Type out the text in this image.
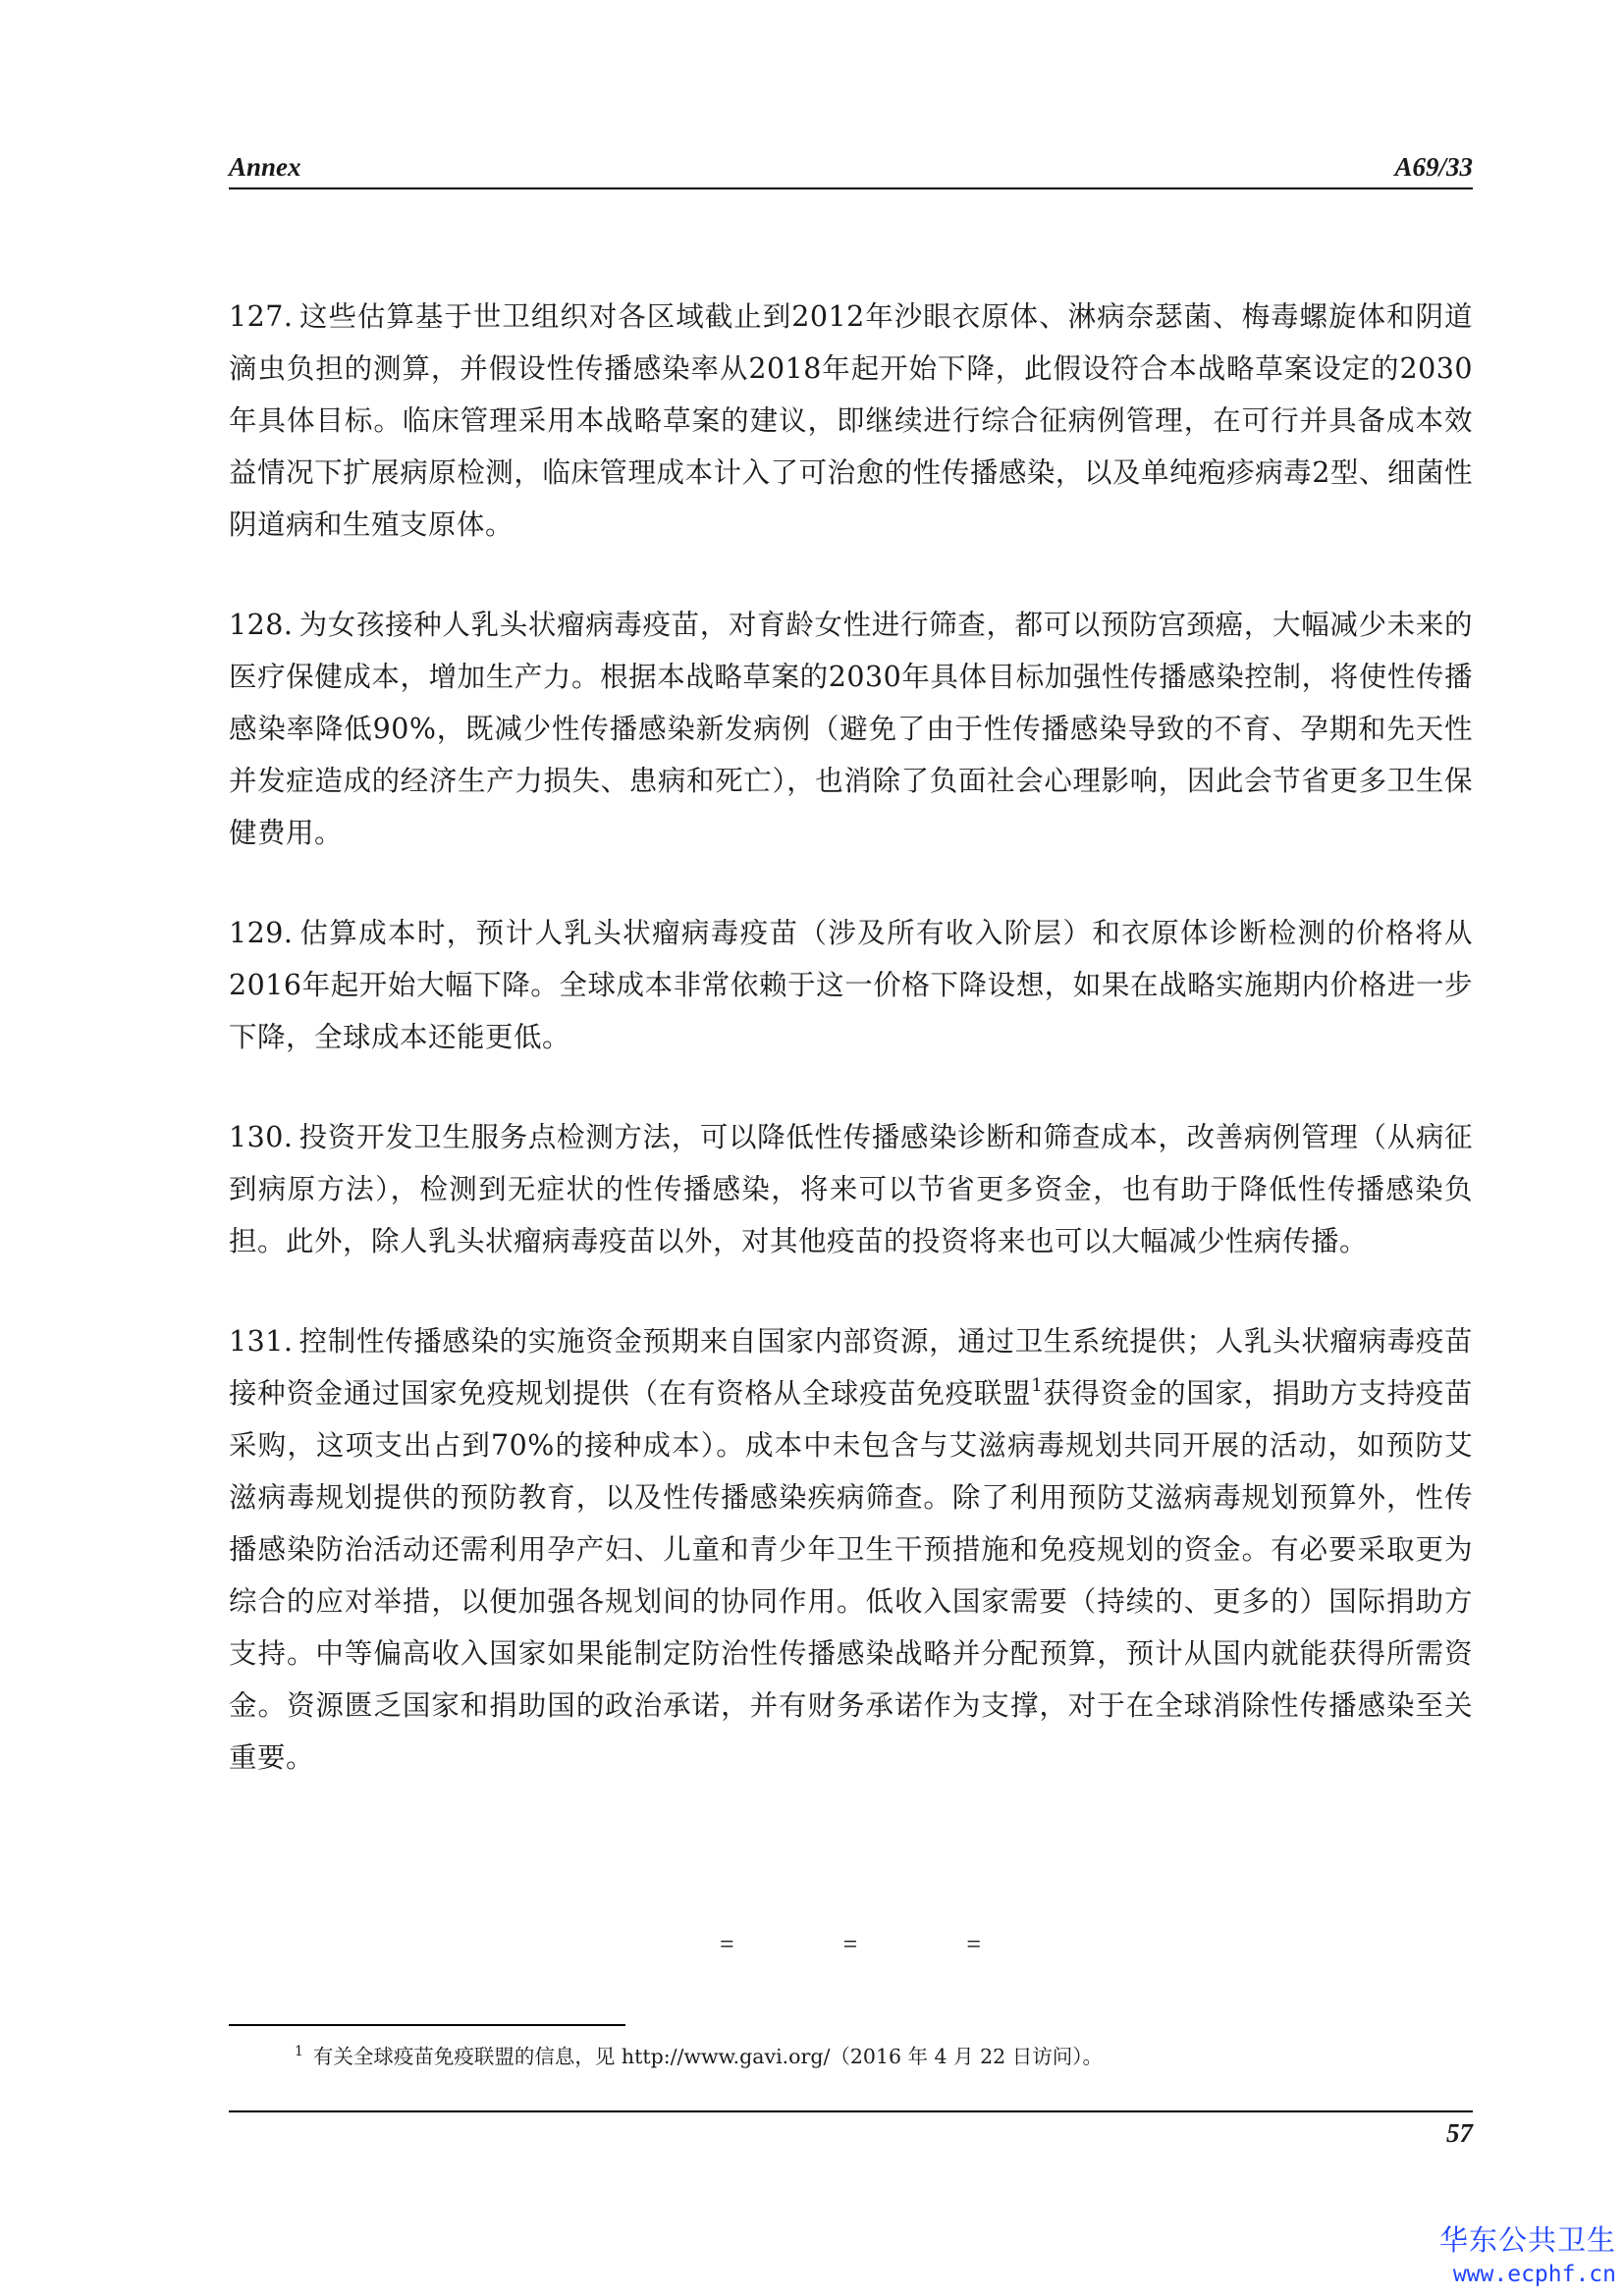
Annex	A69/33

127. 这些估算基于世卫组织对各区域截止到2012年沙眼衣原体、淋病奈瑟菌、梅毒螺旋体和阴道滴虫负担的测算，并假设性传播感染率从2018年起开始下降，此假设符合本战略草案设定的2030年具体目标。临床管理采用本战略草案的建议，即继续进行综合征病例管理，在可行并具备成本效益情况下扩展病原检测，临床管理成本计入了可治愈的性传播感染，以及单纯疱疹病毒2型、细菌性阴道病和生殖支原体。

128. 为女孩接种人乳头状瘤病毒疫苗，对育龄女性进行筛查，都可以预防宫颈癌，大幅减少未来的医疗保健成本，增加生产力。根据本战略草案的2030年具体目标加强性传播感染控制，将使性传播感染率降低90%，既减少性传播感染新发病例（避免了由于性传播感染导致的不育、孕期和先天性并发症造成的经济生产力损失、患病和死亡），也消除了负面社会心理影响，因此会节省更多卫生保健费用。

129. 估算成本时，预计人乳头状瘤病毒疫苗（涉及所有收入阶层）和衣原体诊断检测的价格将从2016年起开始大幅下降。全球成本非常依赖于这一价格下降设想，如果在战略实施期内价格进一步下降，全球成本还能更低。

130. 投资开发卫生服务点检测方法，可以降低性传播感染诊断和筛查成本，改善病例管理（从病征到病原方法），检测到无症状的性传播感染，将来可以节省更多资金，也有助于降低性传播感染负担。此外，除人乳头状瘤病毒疫苗以外，对其他疫苗的投资将来也可以大幅减少性病传播。

131. 控制性传播感染的实施资金预期来自国家内部资源，通过卫生系统提供；人乳头状瘤病毒疫苗接种资金通过国家免疫规划提供（在有资格从全球疫苗免疫联盟$^1$获得资金的国家，捐助方支持疫苗采购，这项支出占到70%的接种成本）。成本中未包含与艾滋病毒规划共同开展的活动，如预防艾滋病毒规划提供的预防教育，以及性传播感染疾病筛查。除了利用预防艾滋病毒规划预算外，性传播感染防治活动还需利用孕产妇、儿童和青少年卫生干预措施和免疫规划的资金。有必要采取更为综合的应对举措，以便加强各规划间的协同作用。低收入国家需要（持续的、更多的）国际捐助方支持。中等偏高收入国家如果能制定防治性传播感染战略并分配预算，预计从国内就能获得所需资金。资源匮乏国家和捐助国的政治承诺，并有财务承诺作为支撑，对于在全球消除性传播感染至关重要。

=	=	=
$^1$ 有关全球疫苗免疫联盟的信息，见 http://www.gavi.org/（2016 年 4 月 22 日访问）。
57
华东公共卫生
www.ecphf.cn
